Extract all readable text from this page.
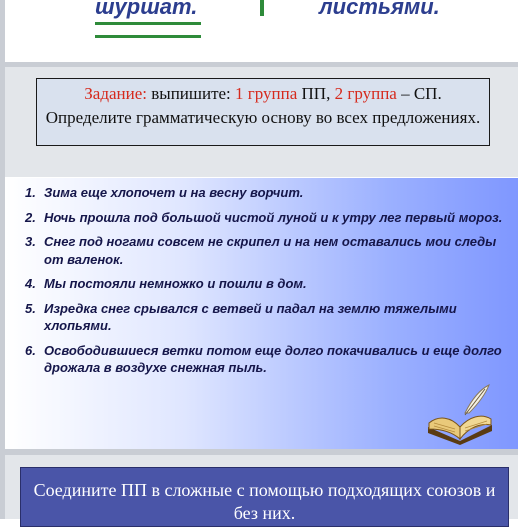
шуршат.	листьями.
Задание: выпишите: 1 группа ПП, 2 группа – СП.
Определите грамматическую основу во всех предложениях.
1. Зима еще хлопочет и на весну ворчит.
2. Ночь прошла под большой чистой луной и к утру лег первый мороз.
3. Снег под ногами совсем не скрипел и на нем оставались мои следы от валенок.
4. Мы постояли немножко и пошли в дом.
5. Изредка снег срывался с ветвей и падал на землю тяжелыми хлопьями.
6. Освободившиеся ветки потом еще долго покачивались и еще долго дрожала в воздухе снежная пыль.
Соедините ПП в сложные с помощью подходящих союзов и без них.
